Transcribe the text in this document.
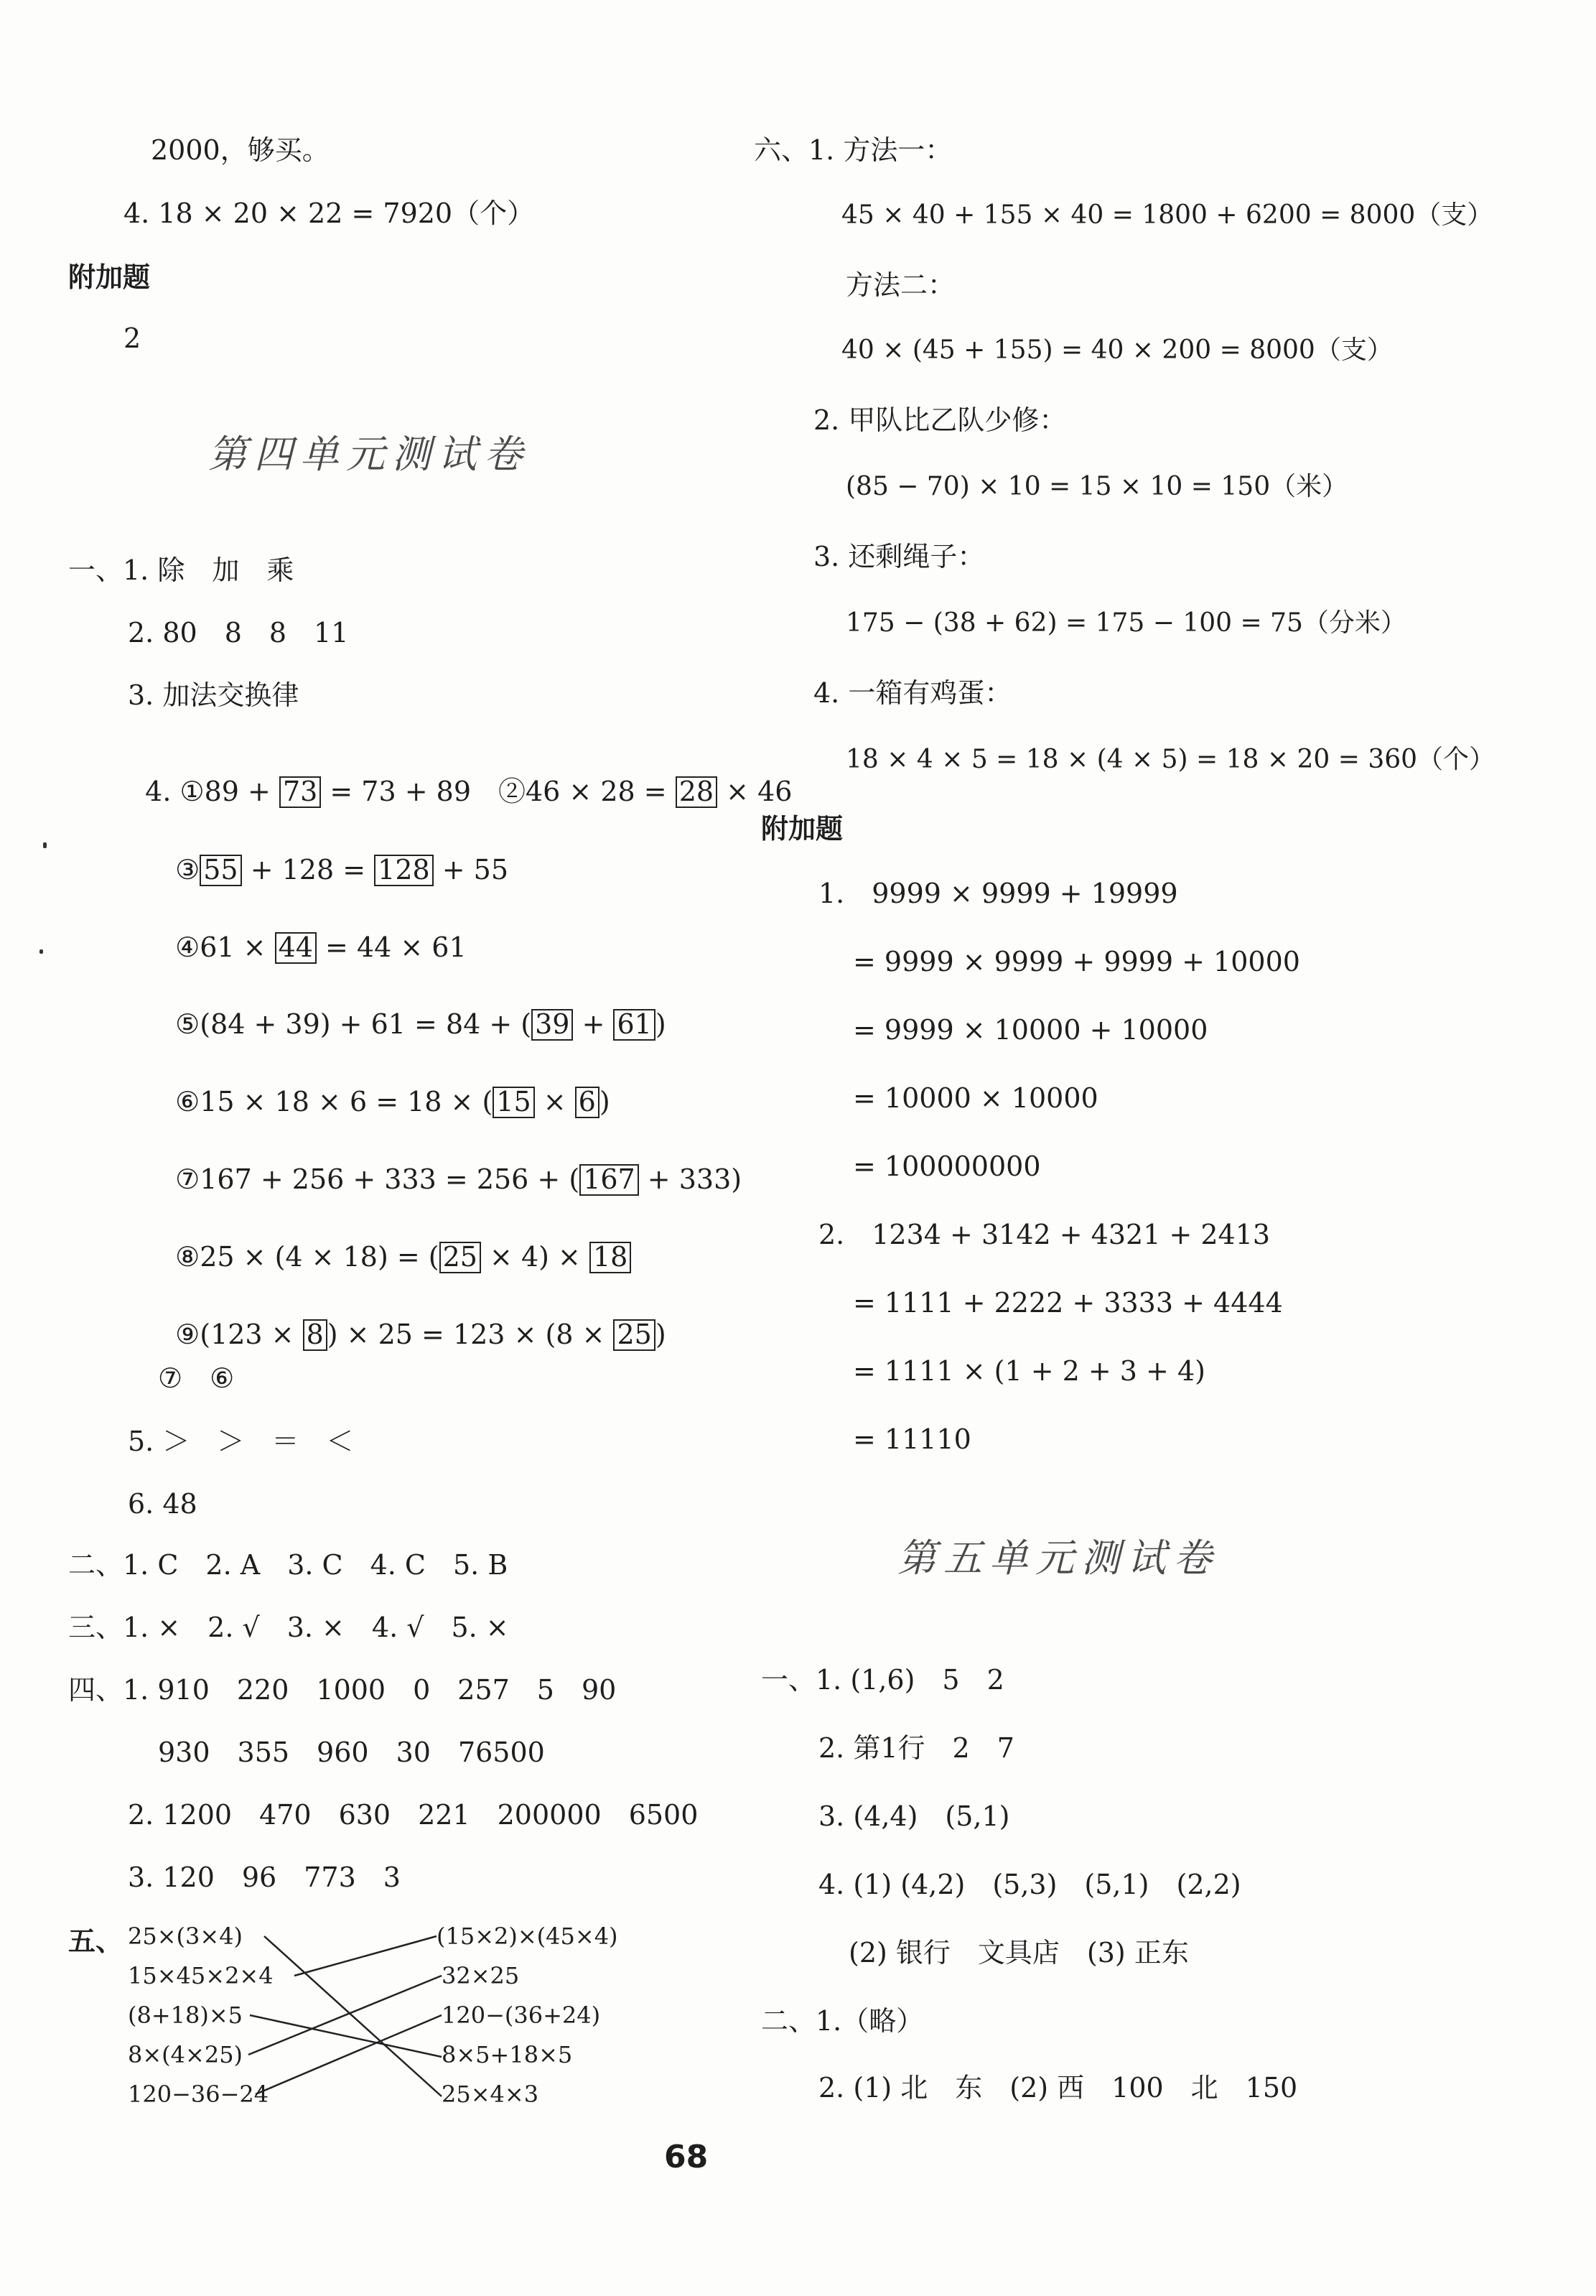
2000，够买。
4. 18 × 20 × 22 = 7920（个）
附加题
2
第四单元测试卷
一、1. 除　加　乘
2. 80　8　8　11
3. 加法交换律

4. ①89 + 73 = 73 + 89　②46 × 28 = 28 × 46

③ 55 + 128 = 128 + 55

④61 × 44 = 44 × 61

⑤(84 + 39) + 61 = 84 + ( 39 + 61 )

⑥15 × 18 × 6 = 18 × ( 15 × 6 )

⑦167 + 256 + 333 = 256 + ( 167 + 333)

⑧25 × (4 × 18) = ( 25 × 4) × 18

⑨(123 × 8 ) × 25 = 123 × (8 × 25 )

⑦　⑥
5. ＞　＞　＝　＜
6. 48
二、1. C　2. A　3. C　4. C　5. B
三、1. ×　2. √　3. ×　4. √　5. ×
四、1. 910　220　1000　0　257　5　90
930　355　960　30　76500
2. 1200　470　630　221　200000　6500
3. 120　96　773　3
五、 25×(3×4)
15×45×2×4
(8+18)×5
8×(4×25)
120−36−24
(15×2)×(45×4)
32×25
120−(36+24)
8×5+18×5
25×4×3
六、1. 方法一：
45 × 40 + 155 × 40 = 1800 + 6200 = 8000（支）
方法二：
40 × (45 + 155) = 40 × 200 = 8000（支）
2. 甲队比乙队少修：
(85 − 70) × 10 = 15 × 10 = 150（米）
3. 还剩绳子：
175 − (38 + 62) = 175 − 100 = 75（分米）
4. 一箱有鸡蛋：
18 × 4 × 5 = 18 × (4 × 5) = 18 × 20 = 360（个）
附加题
1.　9999 × 9999 + 19999
= 9999 × 9999 + 9999 + 10000
= 9999 × 10000 + 10000
= 10000 × 10000
= 100000000
2.　1234 + 3142 + 4321 + 2413
= 1111 + 2222 + 3333 + 4444
= 1111 × (1 + 2 + 3 + 4)
= 11110
第五单元测试卷
一、1. (1,6)　5　2
2. 第1行　2　7
3. (4,4)　(5,1)
4. (1) (4,2)　(5,3)　(5,1)　(2,2)
(2) 银行　文具店　(3) 正东
二、1.（略）
2. (1) 北　东　(2) 西　100　北　150
68
